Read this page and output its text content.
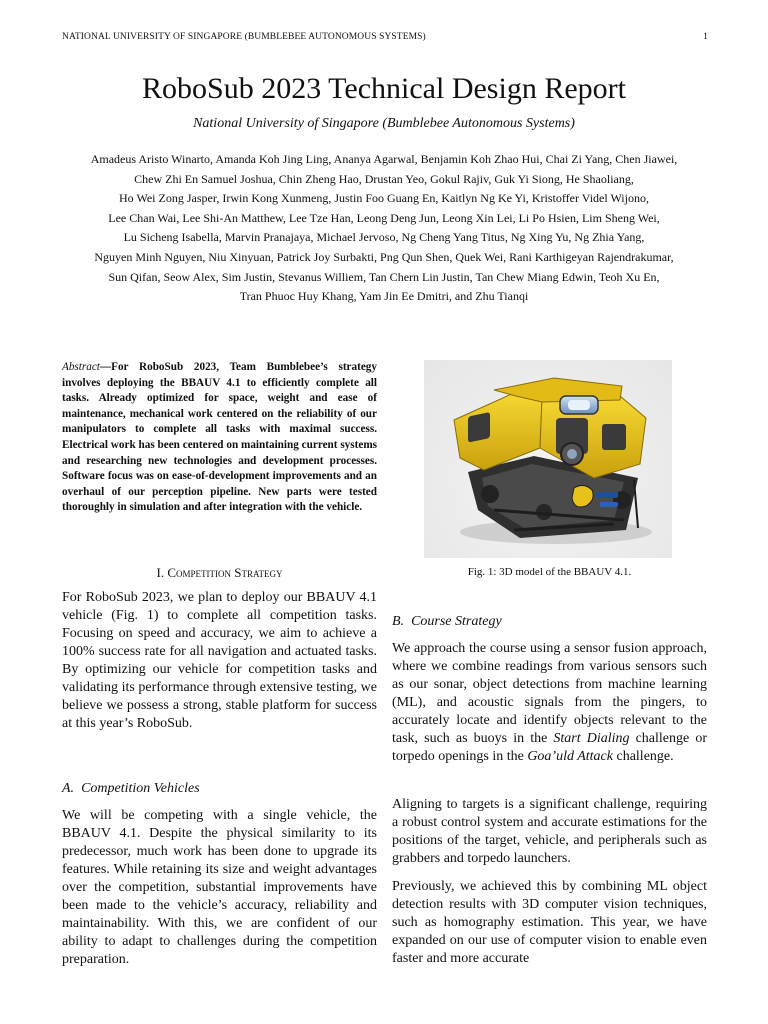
NATIONAL UNIVERSITY OF SINGAPORE (BUMBLEBEE AUTONOMOUS SYSTEMS)	1
RoboSub 2023 Technical Design Report
National University of Singapore (Bumblebee Autonomous Systems)
Amadeus Aristo Winarto, Amanda Koh Jing Ling, Ananya Agarwal, Benjamin Koh Zhao Hui, Chai Zi Yang, Chen Jiawei,
Chew Zhi En Samuel Joshua, Chin Zheng Hao, Drustan Yeo, Gokul Rajiv, Guk Yi Siong, He Shaoliang,
Ho Wei Zong Jasper, Irwin Kong Xunmeng, Justin Foo Guang En, Kaitlyn Ng Ke Yi, Kristoffer Videl Wijono,
Lee Chan Wai, Lee Shi-An Matthew, Lee Tze Han, Leong Deng Jun, Leong Xin Lei, Li Po Hsien, Lim Sheng Wei,
Lu Sicheng Isabella, Marvin Pranajaya, Michael Jervoso, Ng Cheng Yang Titus, Ng Xing Yu, Ng Zhia Yang,
Nguyen Minh Nguyen, Niu Xinyuan, Patrick Joy Surbakti, Png Qun Shen, Quek Wei, Rani Karthigeyan Rajendrakumar,
Sun Qifan, Seow Alex, Sim Justin, Stevanus Williem, Tan Chern Lin Justin, Tan Chew Miang Edwin, Teoh Xu En,
Tran Phuoc Huy Khang, Yam Jin Ee Dmitri, and Zhu Tianqi
Abstract—For RoboSub 2023, Team Bumblebee’s strategy involves deploying the BBAUV 4.1 to efficiently complete all tasks. Already optimized for space, weight and ease of maintenance, mechanical work centered on the reliability of our manipulators to complete all tasks with maximal success. Electrical work has been centered on maintaining current systems and researching new technologies and development processes. Software focus was on ease-of-development improvements and an overhaul of our perception pipeline. New parts were tested thoroughly in simulation and after integration with the vehicle.
I. Competition Strategy

For RoboSub 2023, we plan to deploy our BBAUV 4.1 vehicle (Fig. 1) to complete all competition tasks. Focusing on speed and accuracy, we aim to achieve a 100% success rate for all navigation and actuated tasks. By optimizing our vehicle for competition tasks and validating its performance through extensive testing, we believe we possess a strong, stable platform for success at this year’s RoboSub.

A. Competition Vehicles

We will be competing with a single vehicle, the BBAUV 4.1. Despite the physical similarity to its predecessor, much work has been done to upgrade its features. While retaining its size and weight advantages over the competition, substantial improvements have been made to the vehicle’s accuracy, reliability and maintainability. With this, we are confident of our ability to adapt to challenges during the competition preparation.

Fig. 1: 3D model of the BBAUV 4.1.
B. Course Strategy

We approach the course using a sensor fusion approach, where we combine readings from various sensors such as our sonar, object detections from machine learning (ML), and acoustic signals from the pingers, to accurately locate and identify objects relevant to the task, such as buoys in the Start Dialing challenge or torpedo openings in the Goa’uld Attack challenge.

Aligning to targets is a significant challenge, requiring a robust control system and accurate estimations for the positions of the target, vehicle, and peripherals such as grabbers and torpedo launchers.

Previously, we achieved this by combining ML object detection results with 3D computer vision techniques, such as homography estimation. This year, we have expanded on our use of computer vision to enable even faster and more accurate
